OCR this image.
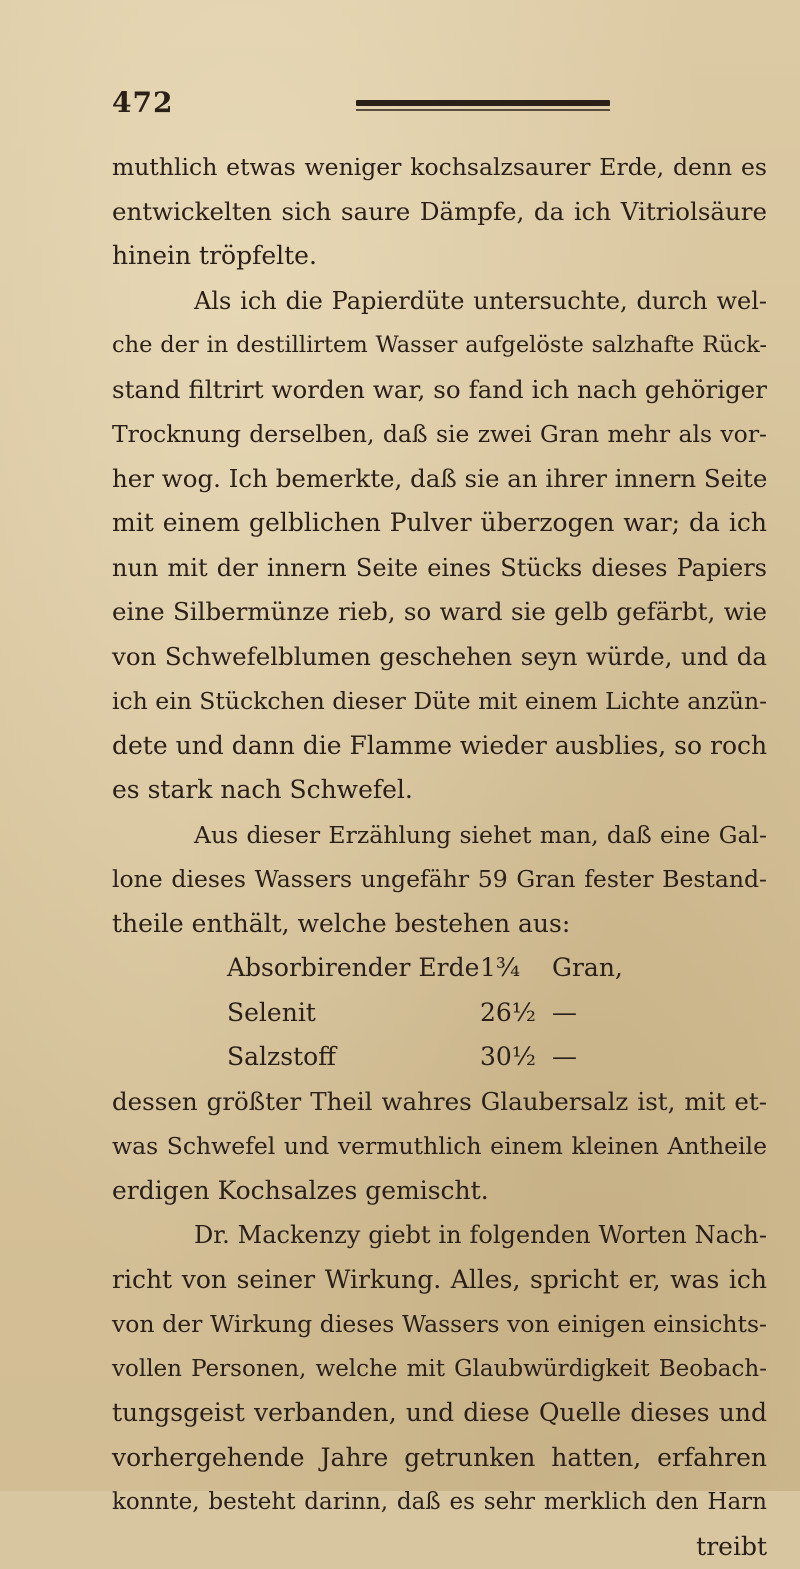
472
muthlich etwas weniger kochsalzsaurer Erde, denn es
entwickelten sich saure Dämpfe, da ich Vitriolsäure
hinein tröpfelte.
Als ich die Papierdüte untersuchte, durch wel-
che der in destillirtem Wasser aufgelöste salzhafte Rück-
stand filtrirt worden war, so fand ich nach gehöriger
Trocknung derselben, daß sie zwei Gran mehr als vor-
her wog. Ich bemerkte, daß sie an ihrer innern Seite
mit einem gelblichen Pulver überzogen war; da ich
nun mit der innern Seite eines Stücks dieses Papiers
eine Silbermünze rieb, so ward sie gelb gefärbt, wie
von Schwefelblumen geschehen seyn würde, und da
ich ein Stückchen dieser Düte mit einem Lichte anzün-
dete und dann die Flamme wieder ausblies, so roch
es stark nach Schwefel.
Aus dieser Erzählung siehet man, daß eine Gal-
lone dieses Wassers ungefähr 59 Gran fester Bestand-
theile enthält, welche bestehen aus:
Absorbirender Erde 1¾ Gran,
Selenit	26½ —
Salzstoff	30½ —
dessen größter Theil wahres Glaubersalz ist, mit et-
was Schwefel und vermuthlich einem kleinen Antheile
erdigen Kochsalzes gemischt.
Dr. Mackenzy giebt in folgenden Worten Nach-
richt von seiner Wirkung. Alles, spricht er, was ich
von der Wirkung dieses Wassers von einigen einsichts-
vollen Personen, welche mit Glaubwürdigkeit Beobach-
tungsgeist verbanden, und diese Quelle dieses und
vorhergehende Jahre getrunken hatten, erfahren
konnte, besteht darinn, daß es sehr merklich den Harn
treibt
